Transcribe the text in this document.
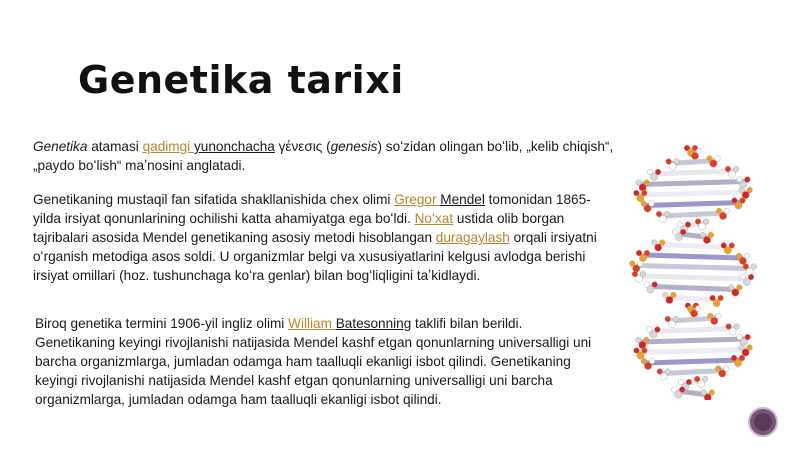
Genetika tarixi
Genetika atamasi qadimgi yunonchacha γένεσις (genesis) soʻzidan olingan boʻlib, „kelib chiqish“, „paydo boʻlish“ maʼnosini anglatadi.
Genetikaning mustaqil fan sifatida shakllanishida chex olimi Gregor Mendel tomonidan 1865-yilda irsiyat qonunlarining ochilishi katta ahamiyatga ega boʻldi. Noʻxat ustida olib borgan tajribalari asosida Mendel genetikaning asosiy metodi hisoblangan duragaylash orqali irsiyatni oʻrganish metodiga asos soldi. U organizmlar belgi va xususiyatlarini kelgusi avlodga berishi irsiyat omillari (hoz. tushunchaga koʻra genlar) bilan bogʻliqligini taʼkidlaydi.
Biroq genetika termini 1906-yil ingliz olimi William Batesonning taklifi bilan berildi. Genetikaning keyingi rivojlanishi natijasida Mendel kashf etgan qonunlarning universalligi uni barcha organizmlarga, jumladan odamga ham taalluqli ekanligi isbot qilindi. Genetikaning keyingi rivojlanishi natijasida Mendel kashf etgan qonunlarning universalligi uni barcha organizmlarga, jumladan odamga ham taalluqli ekanligi isbot qilindi.
